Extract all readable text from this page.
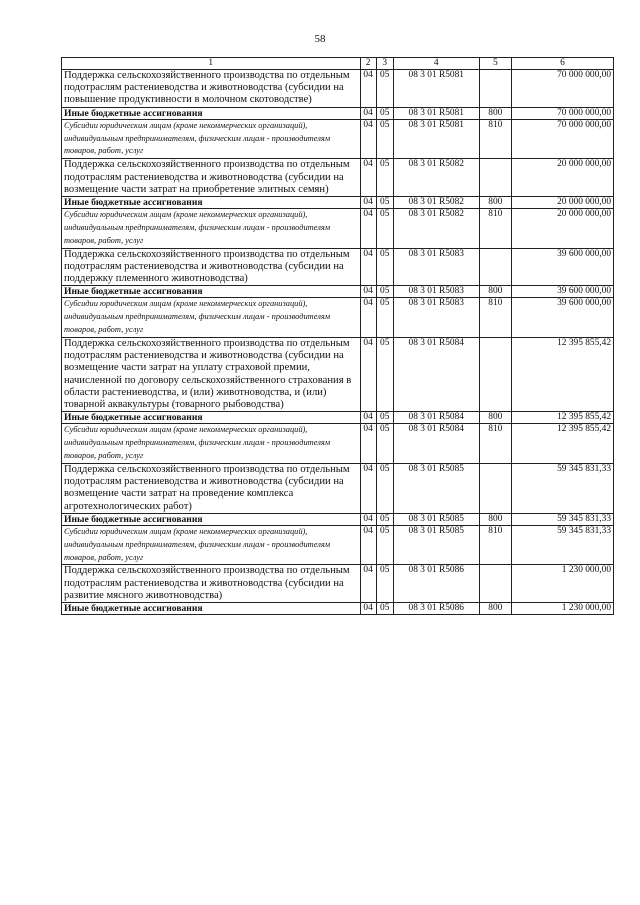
58
1	2	3	4	5	6
Поддержка сельскохозяйственного производства по отдельным подотраслям растениеводства и животноводства (субсидии на повышение продуктивности в молочном скотоводстве)	04	05	08 3 01 R5081		70 000 000,00
Иные бюджетные ассигнования	04	05	08 3 01 R5081	800	70 000 000,00
Субсидии юридическим лицам (кроме некоммерческих организаций), индивидуальным предпринимателям, физическим лицам - производителям товаров, работ, услуг	04	05	08 3 01 R5081	810	70 000 000,00
Поддержка сельскохозяйственного производства по отдельным подотраслям растениеводства и животноводства (субсидии на возмещение части затрат на приобретение элитных семян)	04	05	08 3 01 R5082		20 000 000,00
Иные бюджетные ассигнования	04	05	08 3 01 R5082	800	20 000 000,00
Субсидии юридическим лицам (кроме некоммерческих организаций), индивидуальным предпринимателям, физическим лицам - производителям товаров, работ, услуг	04	05	08 3 01 R5082	810	20 000 000,00
Поддержка сельскохозяйственного производства по отдельным подотраслям растениеводства и животноводства (субсидии на поддержку племенного животноводства)	04	05	08 3 01 R5083		39 600 000,00
Иные бюджетные ассигнования	04	05	08 3 01 R5083	800	39 600 000,00
Субсидии юридическим лицам (кроме некоммерческих организаций), индивидуальным предпринимателям, физическим лицам - производителям товаров, работ, услуг	04	05	08 3 01 R5083	810	39 600 000,00
Поддержка сельскохозяйственного производства по отдельным подотраслям растениеводства и животноводства (субсидии на возмещение части затрат на уплату страховой премии, начисленной по договору сельскохозяйственного страхования в области растениеводства, и (или) животноводства, и (или) товарной аквакультуры (товарного рыбоводства)	04	05	08 3 01 R5084		12 395 855,42
Иные бюджетные ассигнования	04	05	08 3 01 R5084	800	12 395 855,42
Субсидии юридическим лицам (кроме некоммерческих организаций), индивидуальным предпринимателям, физическим лицам - производителям товаров, работ, услуг	04	05	08 3 01 R5084	810	12 395 855,42
Поддержка сельскохозяйственного производства по отдельным подотраслям растениеводства и животноводства (субсидии на возмещение части затрат на проведение комплекса агротехнологических работ)	04	05	08 3 01 R5085		59 345 831,33
Иные бюджетные ассигнования	04	05	08 3 01 R5085	800	59 345 831,33
Субсидии юридическим лицам (кроме некоммерческих организаций), индивидуальным предпринимателям, физическим лицам - производителям товаров, работ, услуг	04	05	08 3 01 R5085	810	59 345 831,33
Поддержка сельскохозяйственного производства по отдельным подотраслям растениеводства и животноводства (субсидии на развитие мясного животноводства)	04	05	08 3 01 R5086		1 230 000,00
Иные бюджетные ассигнования	04	05	08 3 01 R5086	800	1 230 000,00
